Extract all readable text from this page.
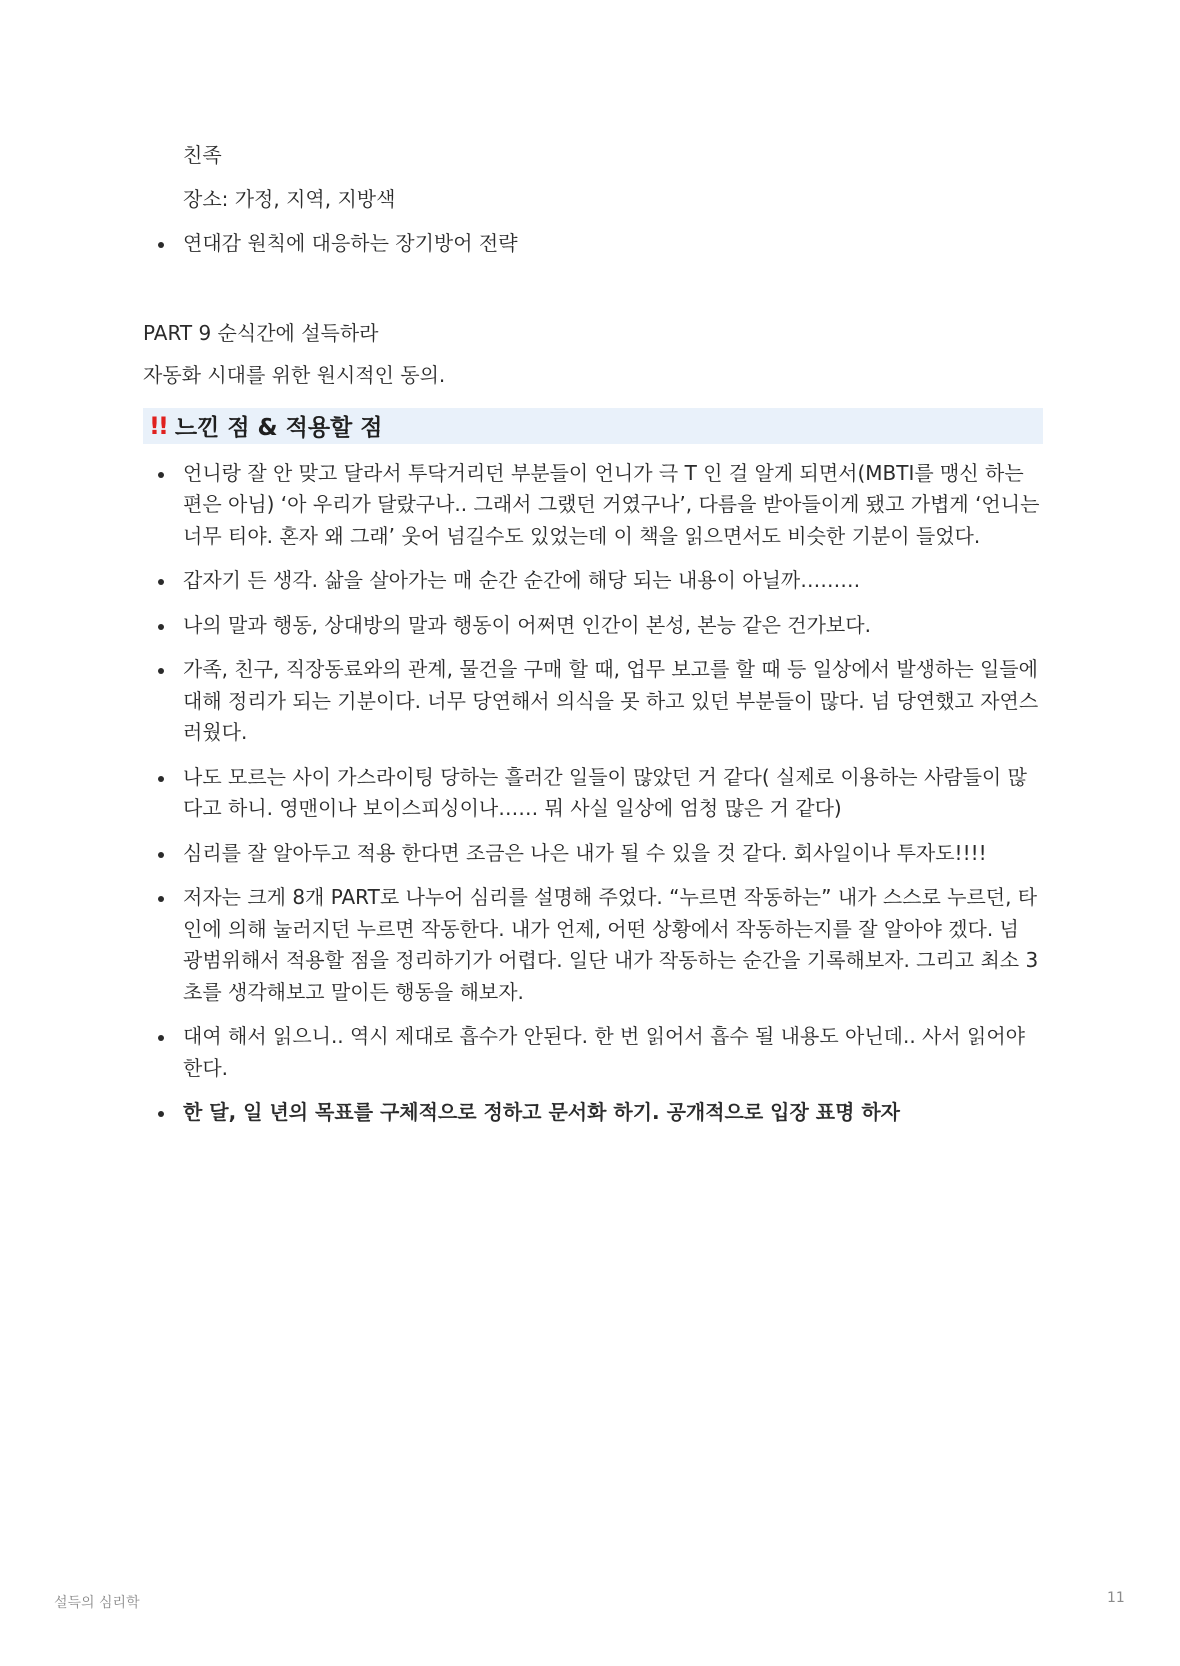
친족
장소: 가정, 지역, 지방색
연대감 원칙에 대응하는 장기방어 전략
PART 9 순식간에 설득하라
자동화 시대를 위한 원시적인 동의.
!! 느낀 점 & 적용할 점
언니랑 잘 안 맞고 달라서 투닥거리던 부분들이 언니가 극 T 인 걸 알게 되면서(MBTI를 맹신 하는 편은 아님) ‘아 우리가 달랐구나.. 그래서 그랬던 거였구나’, 다름을 받아들이게 됐고 가볍게 ‘언니는 너무 티야. 혼자 왜 그래’ 웃어 넘길수도 있었는데 이 책을 읽으면서도 비슷한 기분이 들었다.
갑자기 든 생각. 삶을 살아가는 매 순간 순간에 해당 되는 내용이 아닐까………
나의 말과 행동, 상대방의 말과 행동이 어쩌면 인간이 본성, 본능 같은 건가보다.
가족, 친구, 직장동료와의 관계, 물건을 구매 할 때, 업무 보고를 할 때 등 일상에서 발생하는 일들에 대해 정리가 되는 기분이다. 너무 당연해서 의식을 못 하고 있던 부분들이 많다. 넘 당연했고 자연스러웠다.
나도 모르는 사이 가스라이팅 당하는 흘러간 일들이 많았던 거 같다( 실제로 이용하는 사람들이 많다고 하니. 영맨이나 보이스피싱이나…… 뭐 사실 일상에 엄청 많은 거 같다)
심리를 잘 알아두고 적용 한다면 조금은 나은 내가 될 수 있을 것 같다. 회사일이나 투자도!!!!
저자는 크게 8개 PART로 나누어 심리를 설명해 주었다. “누르면 작동하는” 내가 스스로 누르던, 타인에 의해 눌러지던 누르면 작동한다. 내가 언제, 어떤 상황에서 작동하는지를 잘 알아야 겠다. 넘 광범위해서 적용할 점을 정리하기가 어렵다. 일단 내가 작동하는 순간을 기록해보자. 그리고 최소 3초를 생각해보고 말이든 행동을 해보자.
대여 해서 읽으니.. 역시 제대로 흡수가 안된다. 한 번 읽어서 흡수 될 내용도 아닌데.. 사서 읽어야 한다.
한 달, 일 년의 목표를 구체적으로 정하고 문서화 하기. 공개적으로 입장 표명 하자
설득의 심리학	11
